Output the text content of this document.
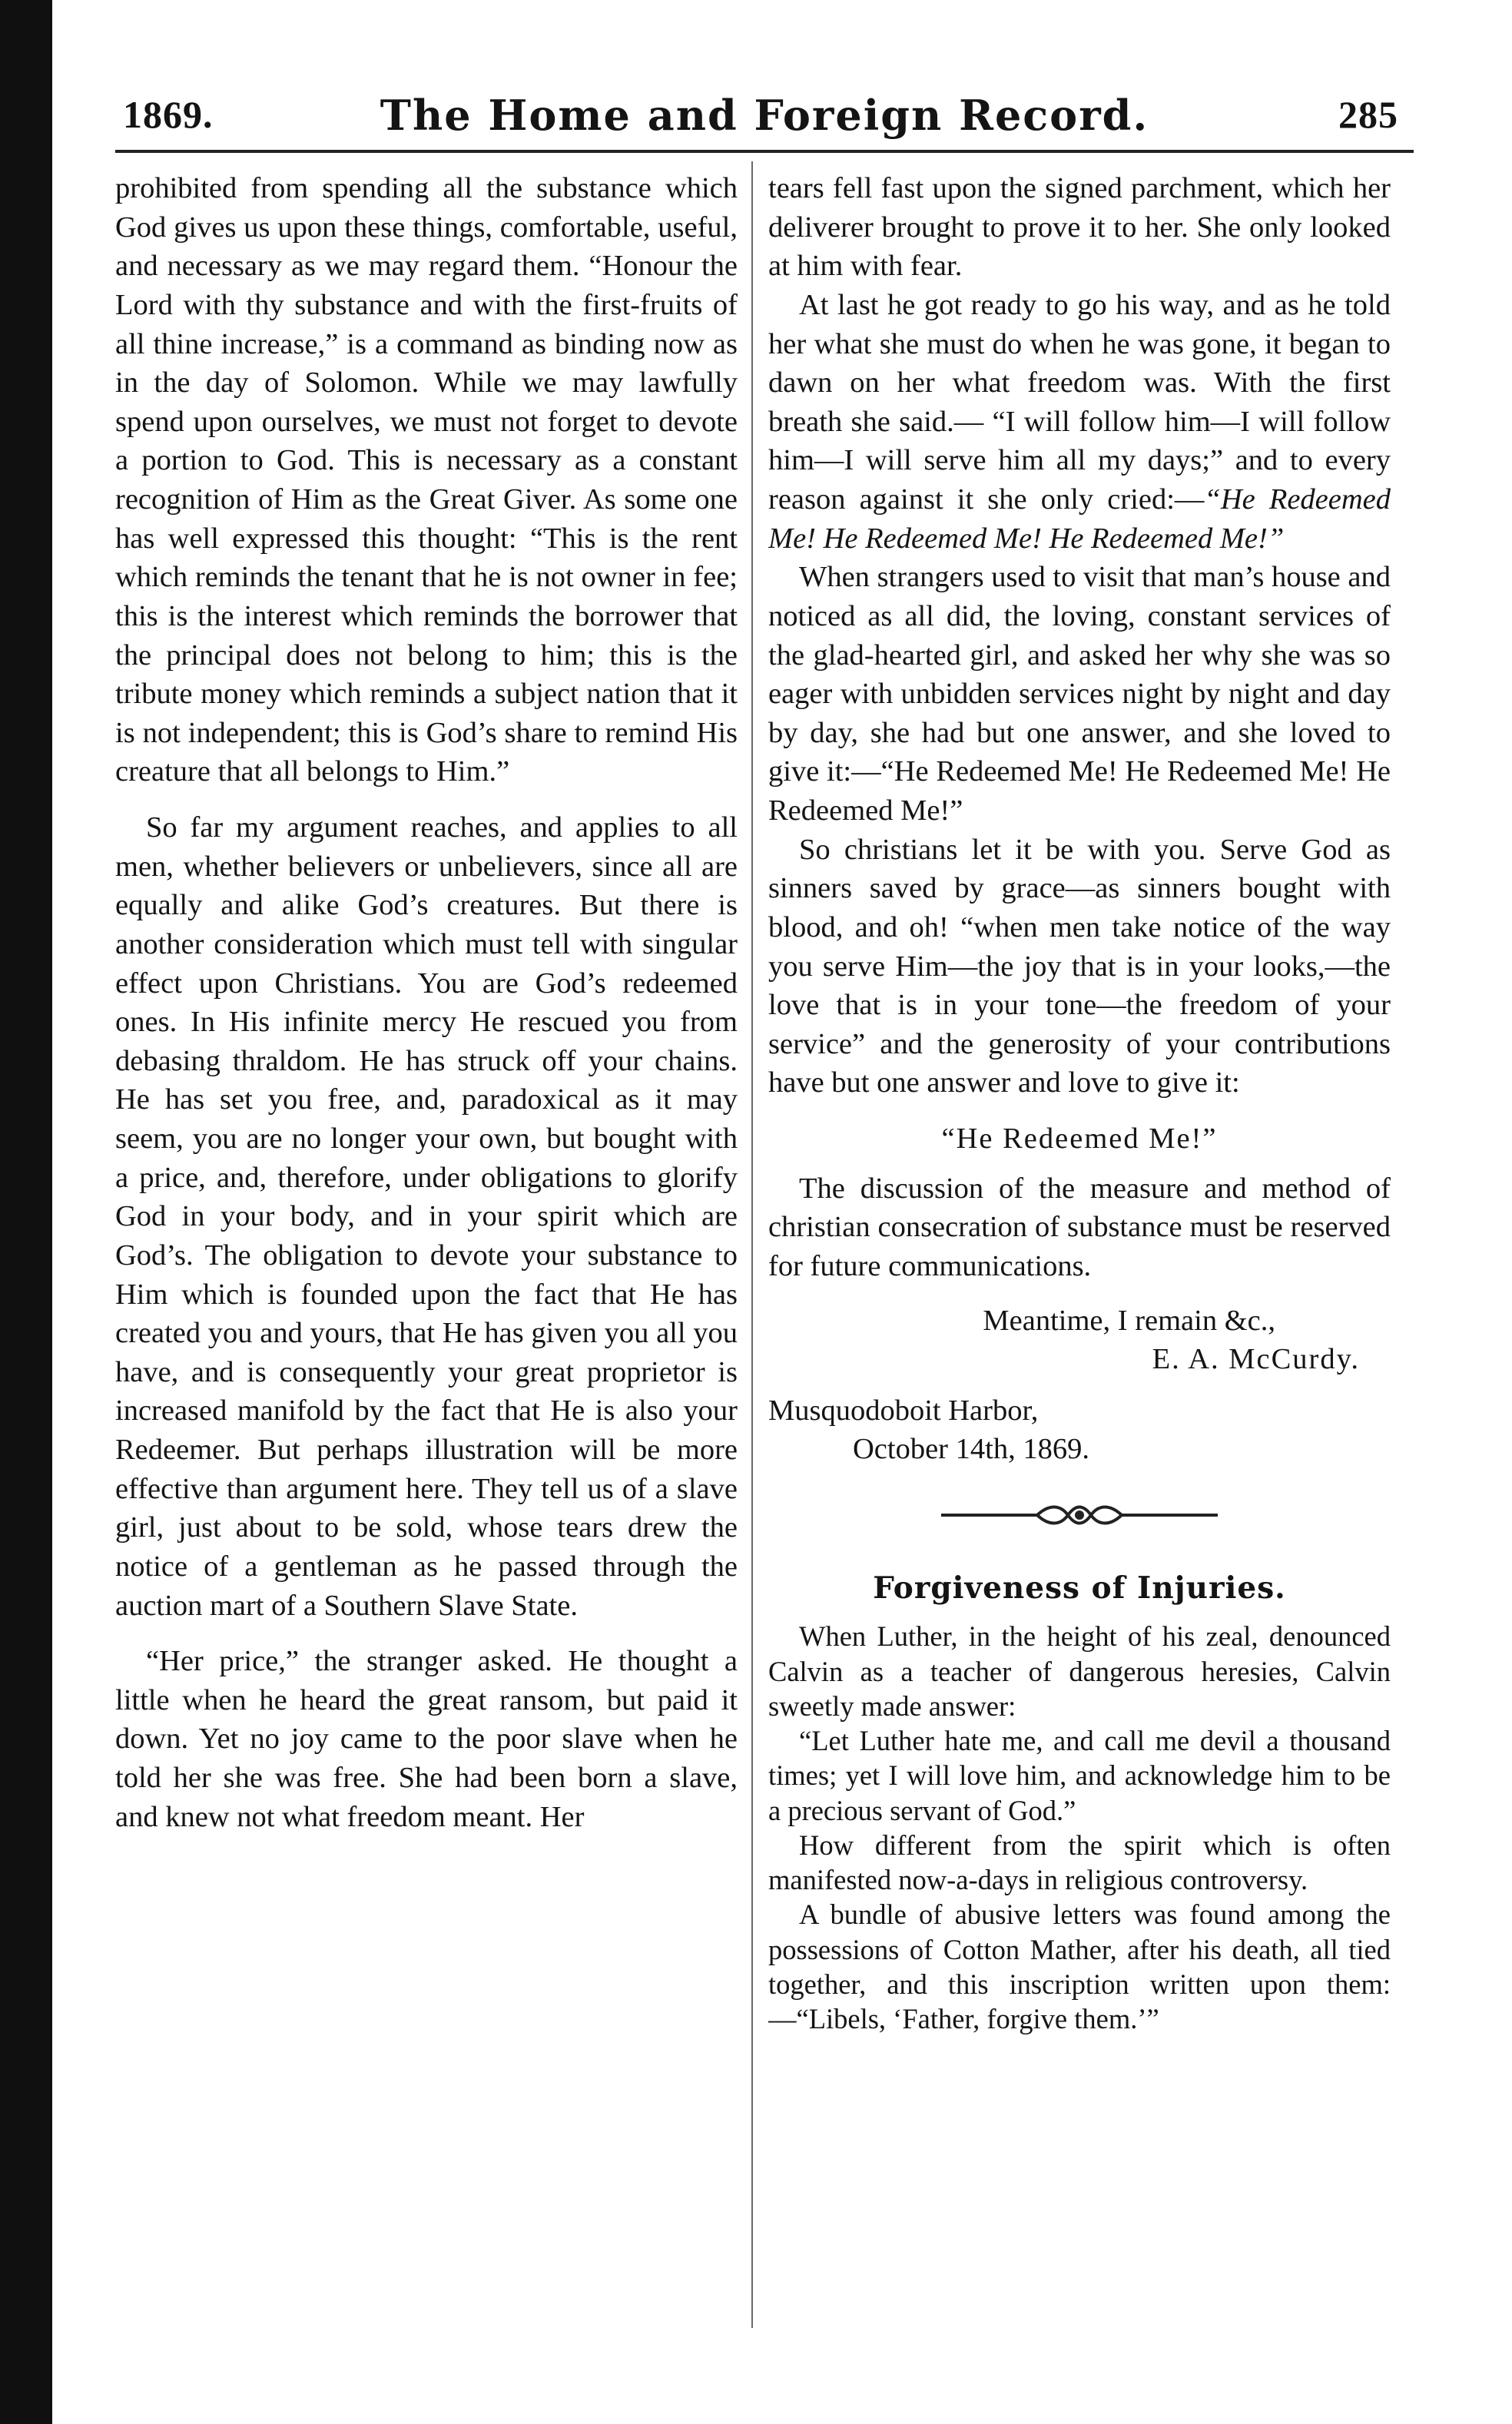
1869.	The Home and Foreign Record.	285

prohibited from spending all the substance which God gives us upon these things, comfortable, useful, and necessary as we may regard them. “Honour the Lord with thy substance and with the first-fruits of all thine increase,” is a command as binding now as in the day of Solomon. While we may lawfully spend upon ourselves, we must not forget to devote a portion to God. This is necessary as a constant recognition of Him as the Great Giver. As some one has well expressed this thought: “This is the rent which reminds the tenant that he is not owner in fee; this is the interest which reminds the borrower that the principal does not belong to him; this is the tribute money which reminds a subject nation that it is not independent; this is God’s share to remind His creature that all belongs to Him.”

So far my argument reaches, and applies to all men, whether believers or unbelievers, since all are equally and alike God’s creatures. But there is another consideration which must tell with singular effect upon Christians. You are God’s redeemed ones. In His infinite mercy He rescued you from debasing thraldom. He has struck off your chains. He has set you free, and, paradoxical as it may seem, you are no longer your own, but bought with a price, and, therefore, under obligations to glorify God in your body, and in your spirit which are God’s. The obligation to devote your substance to Him which is founded upon the fact that He has created you and yours, that He has given you all you have, and is consequently your great proprietor is increased manifold by the fact that He is also your Redeemer. But perhaps illustration will be more effective than argument here. They tell us of a slave girl, just about to be sold, whose tears drew the notice of a gentleman as he passed through the auction mart of a Southern Slave State.

“Her price,” the stranger asked. He thought a little when he heard the great ransom, but paid it down. Yet no joy came to the poor slave when he told her she was free. She had been born a slave, and knew not what freedom meant. Her

tears fell fast upon the signed parchment, which her deliverer brought to prove it to her. She only looked at him with fear.

At last he got ready to go his way, and as he told her what she must do when he was gone, it began to dawn on her what freedom was. With the first breath she said.— “I will follow him—I will follow him—I will serve him all my days;” and to every reason against it she only cried:—“He Redeemed Me! He Redeemed Me! He Redeemed Me!”

When strangers used to visit that man’s house and noticed as all did, the loving, constant services of the glad-hearted girl, and asked her why she was so eager with unbidden services night by night and day by day, she had but one answer, and she loved to give it:—“He Redeemed Me! He Redeemed Me! He Redeemed Me!”

So christians let it be with you. Serve God as sinners saved by grace—as sinners bought with blood, and oh! “when men take notice of the way you serve Him—the joy that is in your looks,—the love that is in your tone—the freedom of your service” and the generosity of your contributions have but one answer and love to give it:

“He Redeemed Me!”

The discussion of the measure and method of christian consecration of substance must be reserved for future communications.

Meantime, I remain &c.,

E. A. McCurdy.

Musquodoboit Harbor,

October 14th, 1869.

Forgiveness of Injuries.

When Luther, in the height of his zeal, denounced Calvin as a teacher of dangerous heresies, Calvin sweetly made answer:

“Let Luther hate me, and call me devil a thousand times; yet I will love him, and acknowledge him to be a precious servant of God.”

How different from the spirit which is often manifested now-a-days in religious controversy.

A bundle of abusive letters was found among the possessions of Cotton Mather, after his death, all tied together, and this inscription written upon them:—“Libels, ‘Father, forgive them.’”
